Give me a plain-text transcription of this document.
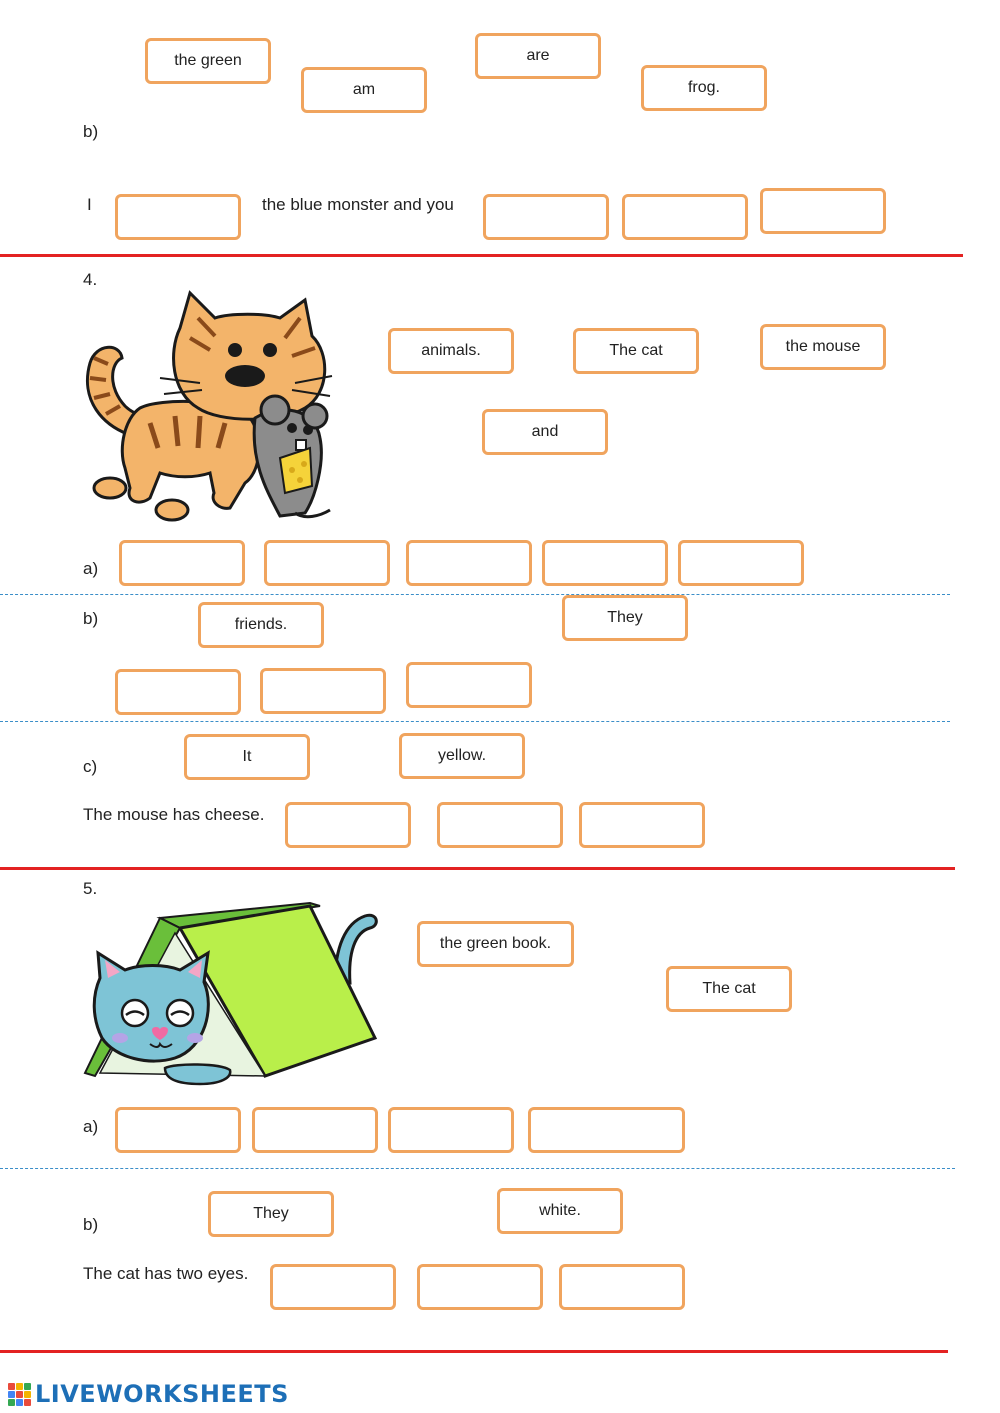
the green
am
are
frog.
b)
I	the blue monster and you
4.
animals.	The cat	the mouse
and
a)
b)	friends.	They
c)
It	yellow.
The mouse has cheese.
5.
the green book.
The cat
a)
b)
They	white.
The cat has two eyes.
LIVEWORKSHEETS
